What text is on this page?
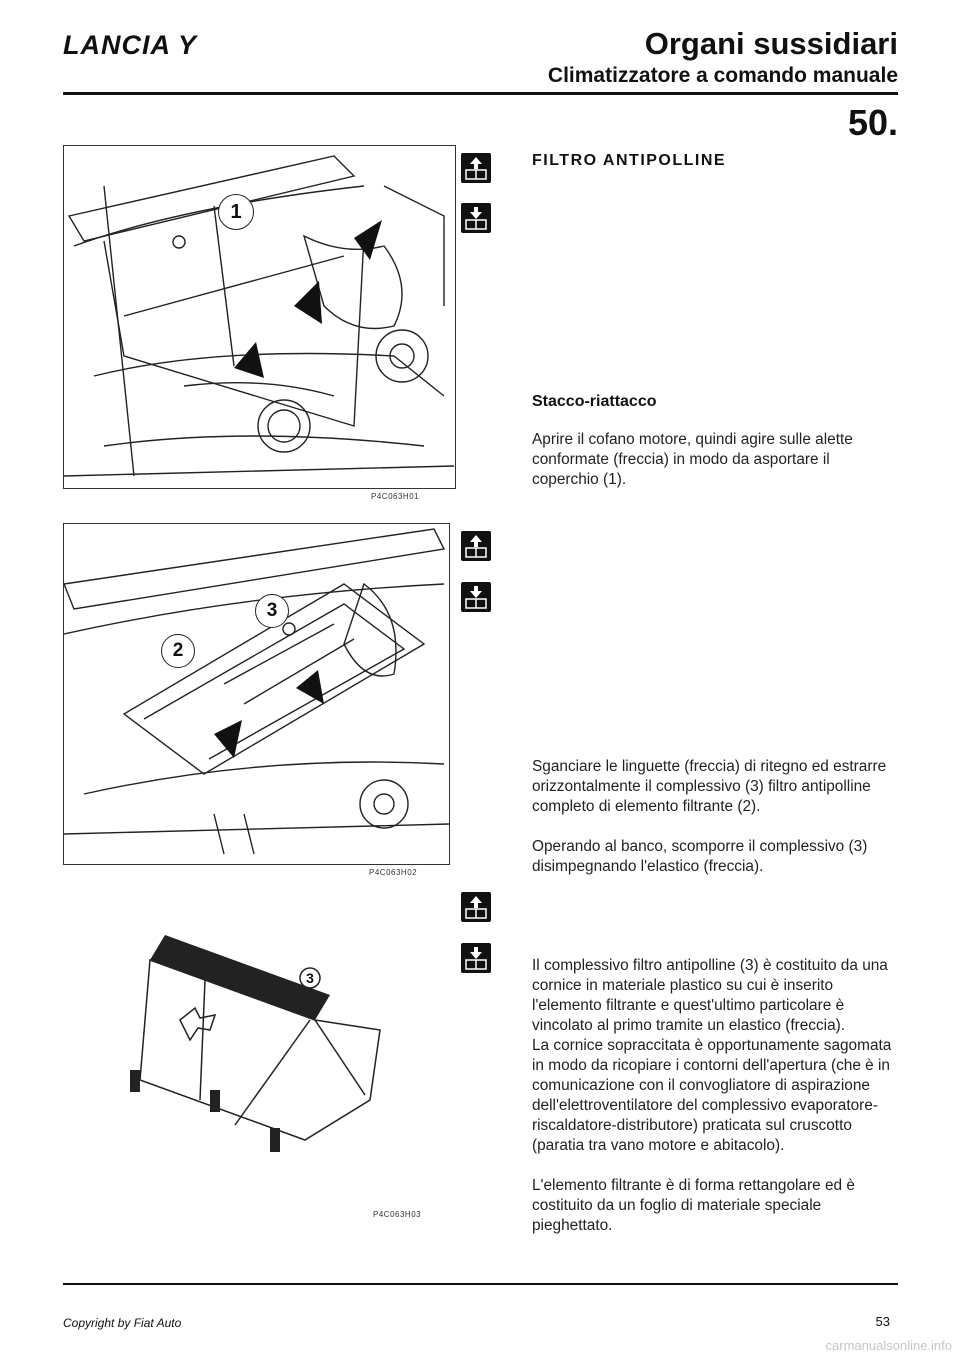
LANCIA Y	Organi sussidiari
Climatizzatore a comando manuale
50.
1
P4C063H01
2
3
P4C063H02
3
P4C063H03
FILTRO ANTIPOLLINE
Stacco-riattacco
Aprire il cofano motore, quindi agire sulle alette conformate (freccia) in modo da asportare il coperchio (1).
Sganciare le linguette (freccia) di ritegno ed estrarre orizzontalmente il complessivo (3) filtro antipolline completo di elemento filtrante (2).
Operando al banco, scomporre il complessivo (3) disimpegnando l'elastico (freccia).
Il complessivo filtro antipolline (3) è costituito da una cornice in materiale plastico su cui è inserito l'elemento filtrante e quest'ultimo particolare è vincolato al primo tramite un elastico (freccia).
La cornice sopraccitata è opportunamente sagomata in modo da ricopiare i contorni dell'apertura (che è in comunicazione con il convogliatore di aspirazione dell'elettroventilatore del complessivo evaporatore-riscaldatore-distributore) praticata sul cruscotto (paratia tra vano motore e abitacolo).
L'elemento filtrante è di forma rettangolare ed è costituito da un foglio di materiale speciale pieghettato.
Copyright by Fiat Auto	53
carmanualsonline.info
